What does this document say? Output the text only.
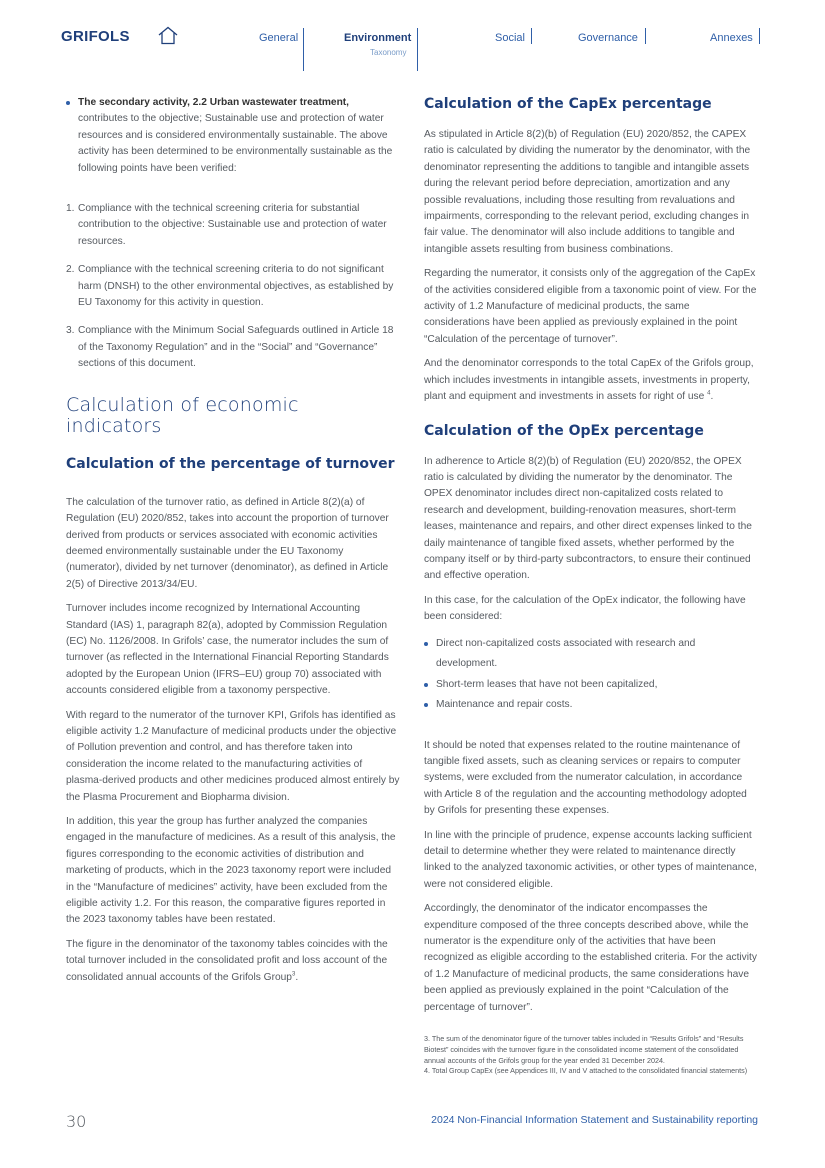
GRIFOLS	General	Environment
Taxonomy
Social	Governance	Annexes
The secondary activity, 2.2 Urban wastewater treatment, contributes to the objective; Sustainable use and protection of water resources and is considered environmentally sustainable. The above activity has been determined to be environmentally sustainable as the following points have been verified:
1. Compliance with the technical screening criteria for substantial contribution to the objective: Sustainable use and protection of water resources.
2. Compliance with the technical screening criteria to do not significant harm (DNSH) to the other environmental objectives, as established by EU Taxonomy for this activity in question.
3. Compliance with the Minimum Social Safeguards outlined in Article 18 of the Taxonomy Regulation” and in the “Social” and “Governance” sections of this document.
Calculation of economic indicators
Calculation of the percentage of turnover

The calculation of the turnover ratio, as defined in Article 8(2)(a) of Regulation (EU) 2020/852, takes into account the proportion of turnover derived from products or services associated with economic activities deemed environmentally sustainable under the EU Taxonomy (numerator), divided by net turnover (denominator), as defined in Article 2(5) of Directive 2013/34/EU.

Turnover includes income recognized by International Accounting Standard (IAS) 1, paragraph 82(a), adopted by Commission Regulation (EC) No. 1126/2008. In Grifols’ case, the numerator includes the sum of turnover (as reflected in the International Financial Reporting Standards adopted by the European Union (IFRS–EU) group 70) associated with accounts considered eligible from a taxonomy perspective.

With regard to the numerator of the turnover KPI, Grifols has identified as eligible activity 1.2 Manufacture of medicinal products under the objective of Pollution prevention and control, and has therefore taken into consideration the income related to the manufacturing activities of plasma-derived products and other medicines produced almost entirely by the Plasma Procurement and Biopharma division.

In addition, this year the group has further analyzed the companies engaged in the manufacture of medicines. As a result of this analysis, the figures corresponding to the economic activities of distribution and marketing of products, which in the 2023 taxonomy report were included in the “Manufacture of medicines” activity, have been excluded from the eligible activity 1.2. For this reason, the comparative figures reported in the 2023 taxonomy tables have been restated.

The figure in the denominator of the taxonomy tables coincides with the total turnover included in the consolidated profit and loss account of the consolidated annual accounts of the Grifols Group$^3$.

Calculation of the CapEx percentage

As stipulated in Article 8(2)(b) of Regulation (EU) 2020/852, the CAPEX ratio is calculated by dividing the numerator by the denominator, with the denominator representing the additions to tangible and intangible assets during the relevant period before depreciation, amortization and any possible revaluations, including those resulting from revaluations and impairments, corresponding to the relevant period, excluding changes in fair value. The denominator will also include additions to tangible and intangible assets resulting from business combinations.

Regarding the numerator, it consists only of the aggregation of the CapEx of the activities considered eligible from a taxonomic point of view. For the activity of 1.2 Manufacture of medicinal products, the same considerations have been applied as previously explained in the point “Calculation of the percentage of turnover”.

And the denominator corresponds to the total CapEx of the Grifols group, which includes investments in intangible assets, investments in property, plant and equipment and investments in assets for right of use $^4$.

Calculation of the OpEx percentage

In adherence to Article 8(2)(b) of Regulation (EU) 2020/852, the OPEX ratio is calculated by dividing the numerator by the denominator. The OPEX denominator includes direct non-capitalized costs related to research and development, building-renovation measures, short-term leases, maintenance and repairs, and other direct expenses linked to the daily maintenance of tangible fixed assets, whether performed by the company itself or by third-party subcontractors, to ensure their continued and effective operation.

In this case, for the calculation of the OpEx indicator, the following have been considered:

Direct non-capitalized costs associated with research and development.
Short-term leases that have not been capitalized,
Maintenance and repair costs.

It should be noted that expenses related to the routine maintenance of tangible fixed assets, such as cleaning services or repairs to computer systems, were excluded from the numerator calculation, in accordance with Article 8 of the regulation and the accounting methodology adopted by Grifols for presenting these expenses.

In line with the principle of prudence, expense accounts lacking sufficient detail to determine whether they were related to maintenance directly linked to the analyzed taxonomic activities, or other types of maintenance, were not considered eligible.

Accordingly, the denominator of the indicator encompasses the expenditure composed of the three concepts described above, while the numerator is the expenditure only of the activities that have been recognized as eligible according to the established criteria. For the activity of 1.2 Manufacture of medicinal products, the same considerations have been applied as previously explained in the point “Calculation of the percentage of turnover”.

3. The sum of the denominator figure of the turnover tables included in “Results Grifols” and “Results Biotest” coincides with the turnover figure in the consolidated income statement of the consolidated annual accounts of the Grifols group for the year ended 31 December 2024.
4. Total Group CapEx (see Appendices III, IV and V attached to the consolidated financial statements)
30	2024 Non-Financial Information Statement and Sustainability reporting
